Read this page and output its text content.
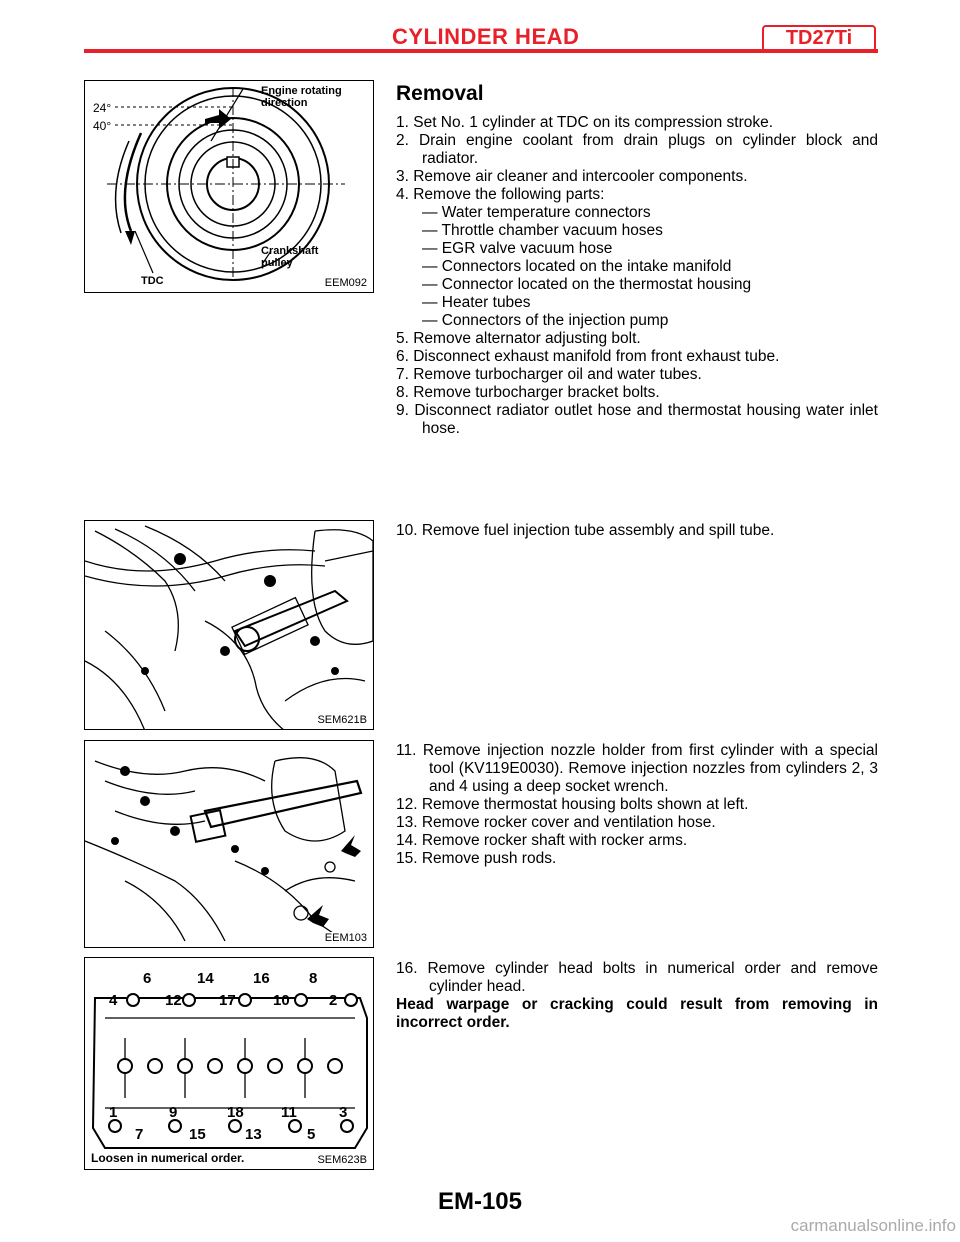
CYLINDER HEAD	TD27Ti
Engine rotating direction
24°
40°
Crankshaft pulley
TDC	EEM092
SEM621B
EEM103
6	14	16	8
4	12 17 10	2
1	9	18 11	3
7	15	13	5
Loosen in numerical order.	SEM623B
Removal

1. Set No. 1 cylinder at TDC on its compression stroke.

2. Drain engine coolant from drain plugs on cylinder block and radiator.

3. Remove air cleaner and intercooler components.

4. Remove the following parts:

— Water temperature connectors

— Throttle chamber vacuum hoses

— EGR valve vacuum hose

— Connectors located on the intake manifold

— Connector located on the thermostat housing

— Heater tubes

— Connectors of the injection pump

5. Remove alternator adjusting bolt.

6. Disconnect exhaust manifold from front exhaust tube.

7. Remove turbocharger oil and water tubes.

8. Remove turbocharger bracket bolts.

9. Disconnect radiator outlet hose and thermostat housing water inlet hose.

10. Remove fuel injection tube assembly and spill tube.

11. Remove injection nozzle holder from first cylinder with a special tool (KV119E0030). Remove injection nozzles from cylinders 2, 3 and 4 using a deep socket wrench.

12. Remove thermostat housing bolts shown at left.

13. Remove rocker cover and ventilation hose.

14. Remove rocker shaft with rocker arms.

15. Remove push rods.

16. Remove cylinder head bolts in numerical order and remove cylinder head.

Head warpage or cracking could result from removing in incorrect order.

EM-105
carmanualsonline.info
